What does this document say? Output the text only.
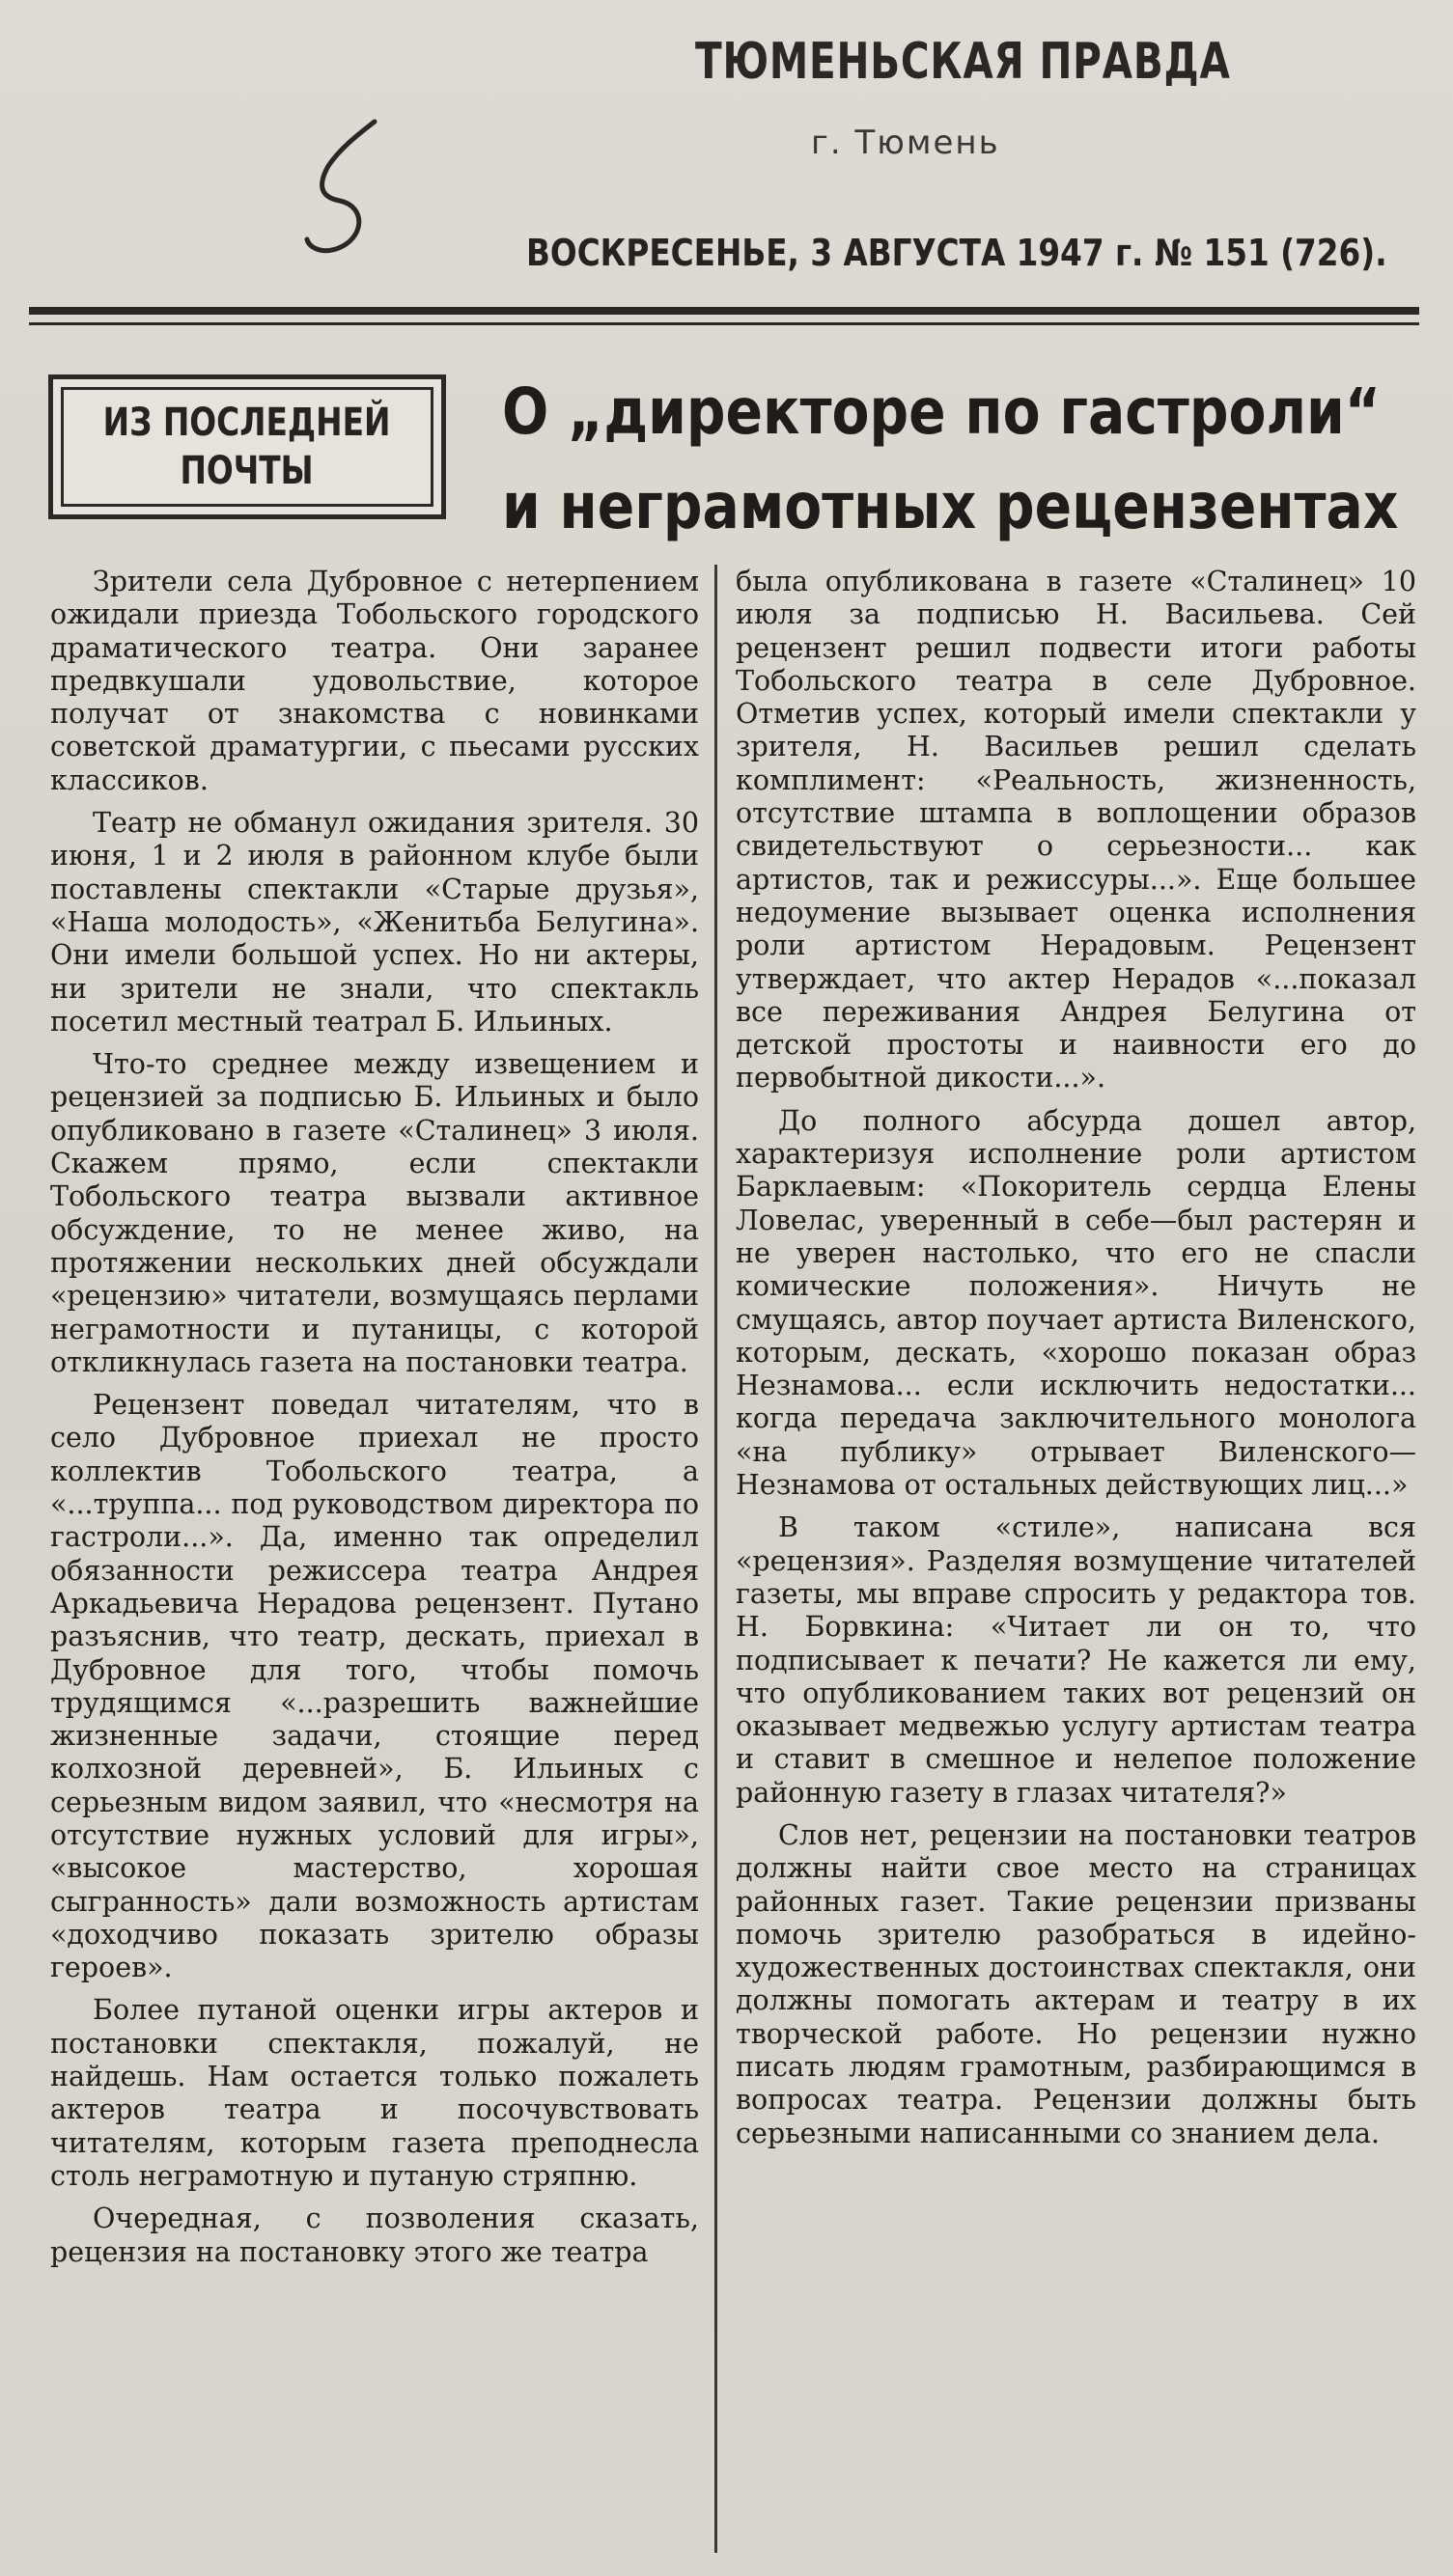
ТЮМЕНЬСКАЯ ПРАВДА
г. Тюмень
ВОСКРЕСЕНЬЕ, 3 АВГУСТА 1947 г. № 151 (726).
ИЗ ПОСЛЕДНЕЙ
ПОЧТЫ
О „директоре по гастроли“
и неграмотных рецензентах

Зрители села Дубровное с нетерпением ожидали приезда Тобольского городского драматического театра. Они заранее предвкушали удовольствие, которое получат от знакомства с новинками советской драматургии, с пьесами русских классиков.

Театр не обманул ожидания зрителя. 30 июня, 1 и 2 июля в районном клубе были поставлены спектакли «Старые друзья», «Наша молодость», «Женитьба Белугина». Они имели большой успех. Но ни актеры, ни зрители не знали, что спектакль посетил местный театрал Б. Ильиных.

Что-то среднее между извещением и рецензией за подписью Б. Ильиных и было опубликовано в газете «Сталинец» 3 июля. Скажем прямо, если спектакли Тобольского театра вызвали активное обсуждение, то не менее живо, на протяжении нескольких дней обсуждали «рецензию» читатели, возмущаясь перлами неграмотности и путаницы, с которой откликнулась газета на постановки театра.

Рецензент поведал читателям, что в село Дубровное приехал не просто коллектив Тобольского театра, а «...труппа... под руководством директора по гастроли...». Да, именно так определил обязанности режиссера театра Андрея Аркадьевича Нерадова рецензент. Путано разъяснив, что театр, дескать, приехал в Дубровное для того, чтобы помочь трудящимся «...разрешить важнейшие жизненные задачи, стоящие перед колхозной деревней», Б. Ильиных с серьезным видом заявил, что «несмотря на отсутствие нужных условий для игры», «высокое мастерство, хорошая сыгранность» дали возможность артистам «доходчиво показать зрителю образы героев».

Более путаной оценки игры актеров и постановки спектакля, пожалуй, не найдешь. Нам остается только пожалеть актеров театра и посочувствовать читателям, которым газета преподнесла столь неграмотную и путаную стряпню.

Очередная, с позволения сказать, рецензия на постановку этого же театра

была опубликована в газете «Сталинец» 10 июля за подписью Н. Васильева. Сей рецензент решил подвести итоги работы Тобольского театра в селе Дубровное. Отметив успех, который имели спектакли у зрителя, Н. Васильев решил сделать комплимент: «Реальность, жизненность, отсутствие штампа в воплощении образов свидетельствуют о серьезности... как артистов, так и режиссуры...». Еще большее недоумение вызывает оценка исполнения роли артистом Нерадовым. Рецензент утверждает, что актер Нерадов «...показал все переживания Андрея Белугина от детской простоты и наивности его до первобытной дикости...».

До полного абсурда дошел автор, характеризуя исполнение роли артистом Барклаевым: «Покоритель сердца Елены Ловелас, уверенный в себе—был растерян и не уверен настолько, что его не спасли комические положения». Ничуть не смущаясь, автор поучает артиста Виленского, которым, дескать, «хорошо показан образ Незнамова... если исключить недостатки... когда передача заключительного монолога «на публику» отрывает Виленского—Незнамова от остальных действующих лиц...»

В таком «стиле», написана вся «рецензия». Разделяя возмущение читателей газеты, мы вправе спросить у редактора тов. Н. Борвкина: «Читает ли он то, что подписывает к печати? Не кажется ли ему, что опубликованием таких вот рецензий он оказывает медвежью услугу артистам театра и ставит в смешное и нелепое положение районную газету в глазах читателя?»

Слов нет, рецензии на постановки театров должны найти свое место на страницах районных газет. Такие рецензии призваны помочь зрителю разобраться в идейно-художественных достоинствах спектакля, они должны помогать актерам и театру в их творческой работе. Но рецензии нужно писать людям грамотным, разбирающимся в вопросах театра. Рецензии должны быть серьезными написанными со знанием дела.
